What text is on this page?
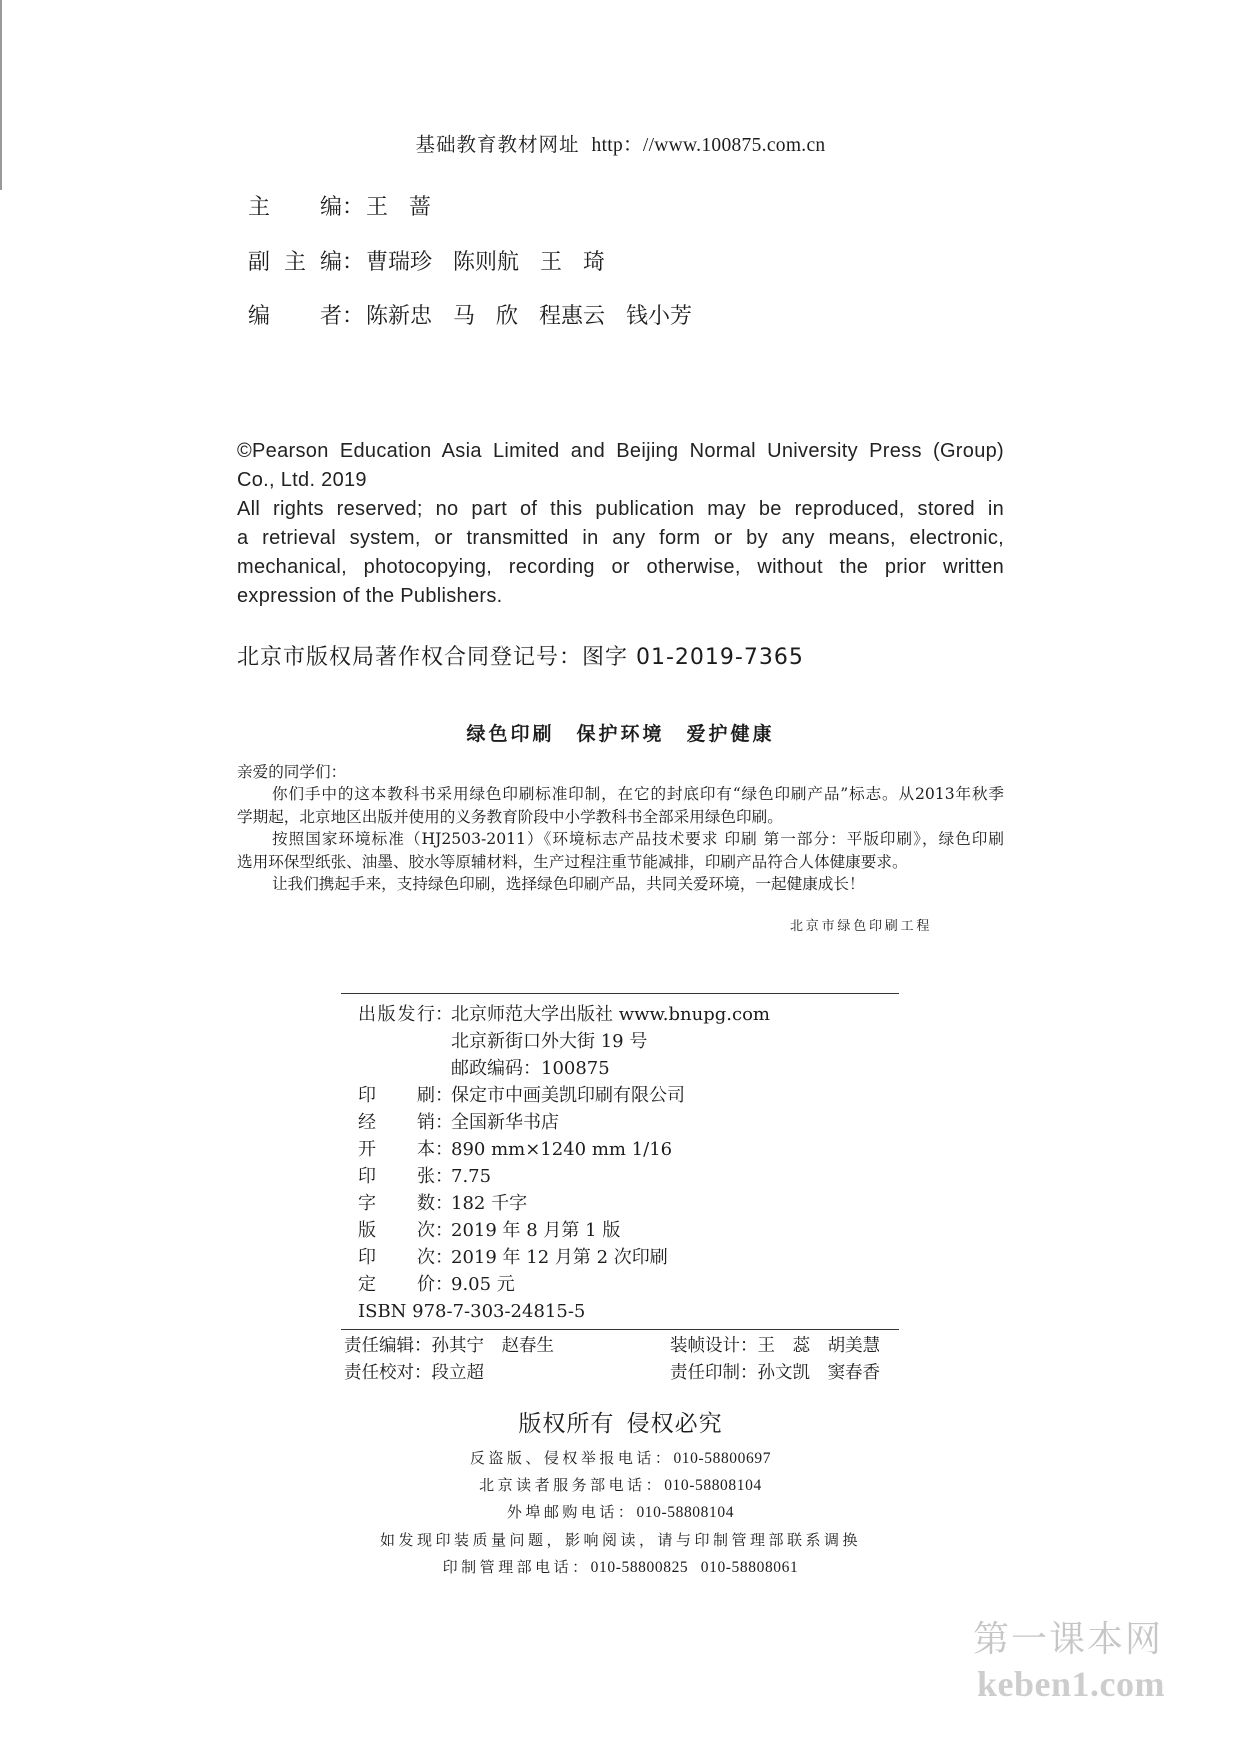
基础教育教材网址 http：//www.100875.com.cn
主 编：王 蔷
副 主 编：曹瑞珍 陈则航 王 琦
编 者：陈新忠 马 欣 程惠云 钱小芳
©Pearson Education Asia Limited and Beijing Normal University Press (Group)
Co., Ltd. 2019
All rights reserved; no part of this publication may be reproduced, stored in
a retrieval system, or transmitted in any form or by any means, electronic,
mechanical, photocopying, recording or otherwise, without the prior written
expression of the Publishers.
北京市版权局著作权合同登记号：图字 01-2019-7365
绿色印刷 保护环境 爱护健康
亲爱的同学们：
你们手中的这本教科书采用绿色印刷标准印制，在它的封底印有“绿色印刷产品”标志。从2013年秋季
学期起，北京地区出版并使用的义务教育阶段中小学教科书全部采用绿色印刷。
按照国家环境标准（HJ2503-2011）《环境标志产品技术要求 印刷 第一部分：平版印刷》，绿色印刷
选用环保型纸张、油墨、胶水等原辅材料，生产过程注重节能减排，印刷产品符合人体健康要求。
让我们携起手来，支持绿色印刷，选择绿色印刷产品，共同关爱环境，一起健康成长！
北京市绿色印刷工程
出版发行 ：
北京师范大学出版社 www.bnupg.com
北京新街口外大街 19 号
邮政编码：100875
印 刷 ：
保定市中画美凯印刷有限公司
经 销 ：
全国新华书店
开 本 ：
890 mm×1240 mm 1/16
印 张 ：
7.75
字 数 ：
182 千字
版 次 ：
2019 年 8 月第 1 版
印 次 ：
2019 年 12 月第 2 次印刷
定 价 ：
9.05 元
ISBN 978-7-303-24815-5
责任编辑：孙其宁 赵春生	装帧设计：王 蕊 胡美慧
责任校对：段立超	责任印制：孙文凯 窦春香
版权所有 侵权必究
反盗版、侵权举报电话：010-58800697
北京读者服务部电话：010-58808104
外埠邮购电话：010-58808104
如发现印装质量问题，影响阅读，请与印制管理部联系调换
印制管理部电话：010-58800825 010-58808061
第一课本网
keben1.com
